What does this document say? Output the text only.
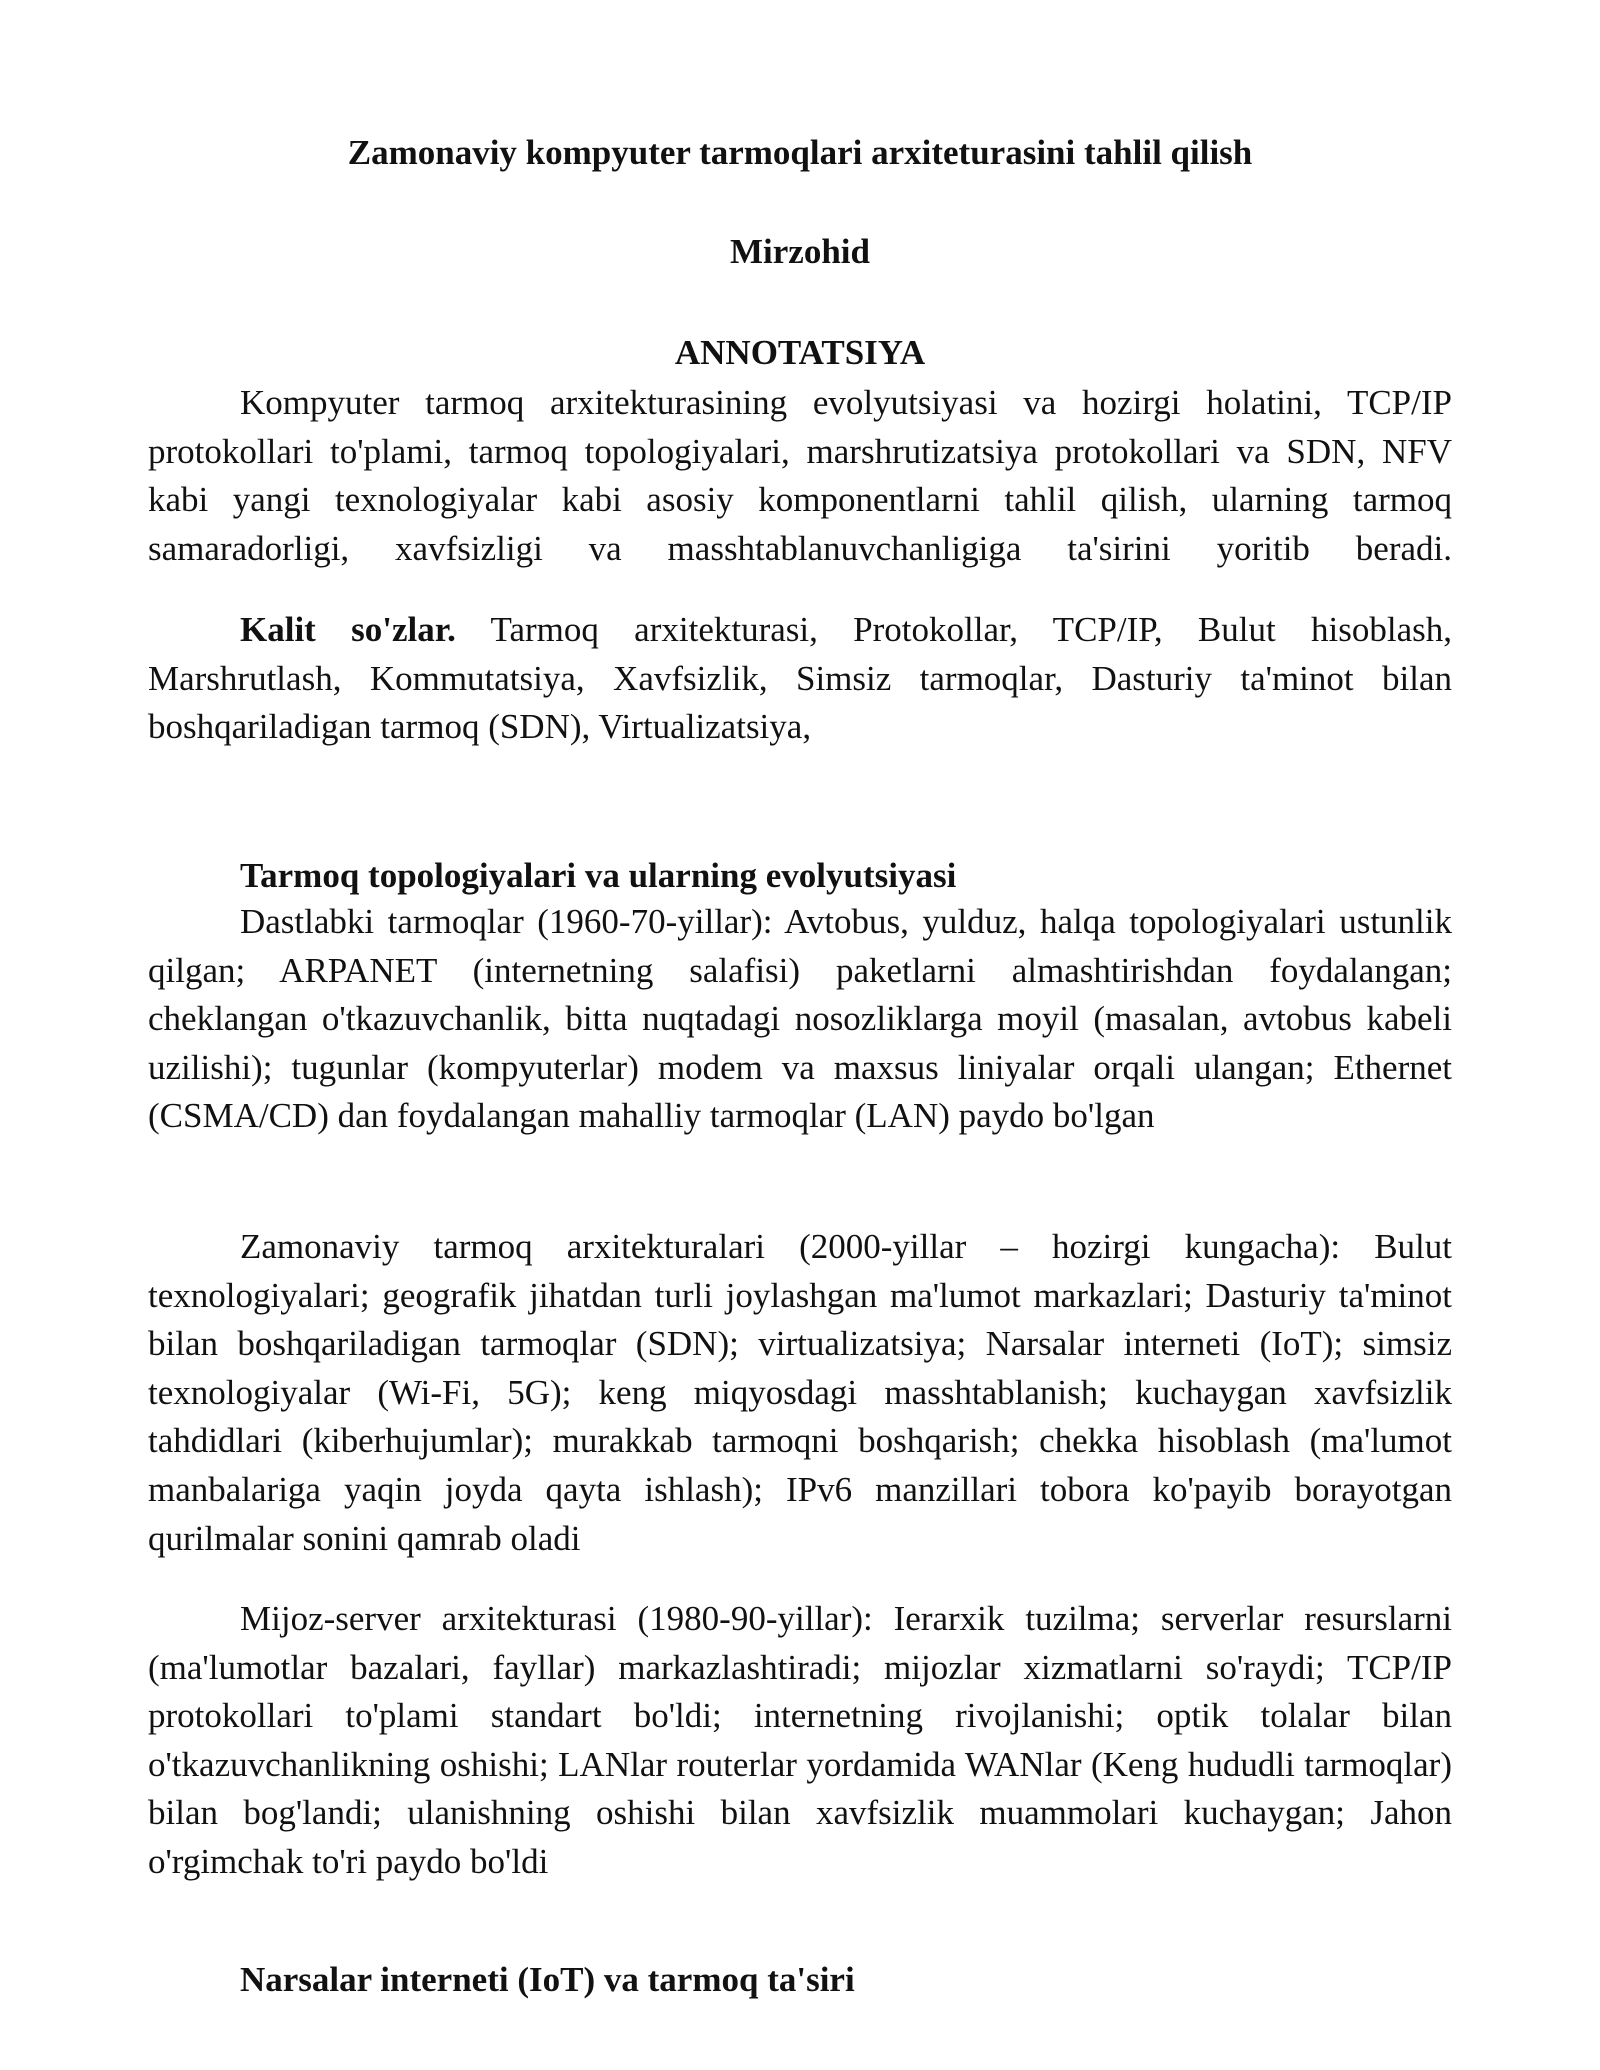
Zamonaviy kompyuter tarmoqlari arxiteturasini tahlil qilish
Mirzohid
ANNOTATSIYA

Kompyuter tarmoq arxitekturasining evolyutsiyasi va hozirgi holatini, TCP/IP protokollari to'plami, tarmoq topologiyalari, marshrutizatsiya protokollari va SDN, NFV kabi yangi texnologiyalar kabi asosiy komponentlarni tahlil qilish, ularning tarmoq samaradorligi, xavfsizligi va masshtablanuvchanligiga ta'sirini yoritib beradi.

Kalit so'zlar. Tarmoq arxitekturasi, Protokollar, TCP/IP, Bulut hisoblash, Marshrutlash, Kommutatsiya, Xavfsizlik, Simsiz tarmoqlar, Dasturiy ta'minot bilan boshqariladigan tarmoq (SDN), Virtualizatsiya,

Tarmoq topologiyalari va ularning evolyutsiyasi

Dastlabki tarmoqlar (1960-70-yillar): Avtobus, yulduz, halqa topologiyalari ustunlik qilgan; ARPANET (internetning salafisi) paketlarni almashtirishdan foydalangan; cheklangan o'tkazuvchanlik, bitta nuqtadagi nosozliklarga moyil (masalan, avtobus kabeli uzilishi); tugunlar (kompyuterlar) modem va maxsus liniyalar orqali ulangan; Ethernet (CSMA/CD) dan foydalangan mahalliy tarmoqlar (LAN) paydo bo'lgan

Zamonaviy tarmoq arxitekturalari (2000-yillar – hozirgi kungacha): Bulut texnologiyalari; geografik jihatdan turli joylashgan ma'lumot markazlari; Dasturiy ta'minot bilan boshqariladigan tarmoqlar (SDN); virtualizatsiya; Narsalar interneti (IoT); simsiz texnologiyalar (Wi-Fi, 5G); keng miqyosdagi masshtablanish; kuchaygan xavfsizlik tahdidlari (kiberhujumlar); murakkab tarmoqni boshqarish; chekka hisoblash (ma'lumot manbalariga yaqin joyda qayta ishlash); IPv6 manzillari tobora ko'payib borayotgan qurilmalar sonini qamrab oladi

Mijoz-server arxitekturasi (1980-90-yillar): Ierarxik tuzilma; serverlar resurslarni (ma'lumotlar bazalari, fayllar) markazlashtiradi; mijozlar xizmatlarni so'raydi; TCP/IP protokollari to'plami standart bo'ldi; internetning rivojlanishi; optik tolalar bilan o'tkazuvchanlikning oshishi; LANlar routerlar yordamida WANlar (Keng hududli tarmoqlar) bilan bog'landi; ulanishning oshishi bilan xavfsizlik muammolari kuchaygan; Jahon o'rgimchak to'ri paydo bo'ldi

Narsalar interneti (IoT) va tarmoq ta'siri
